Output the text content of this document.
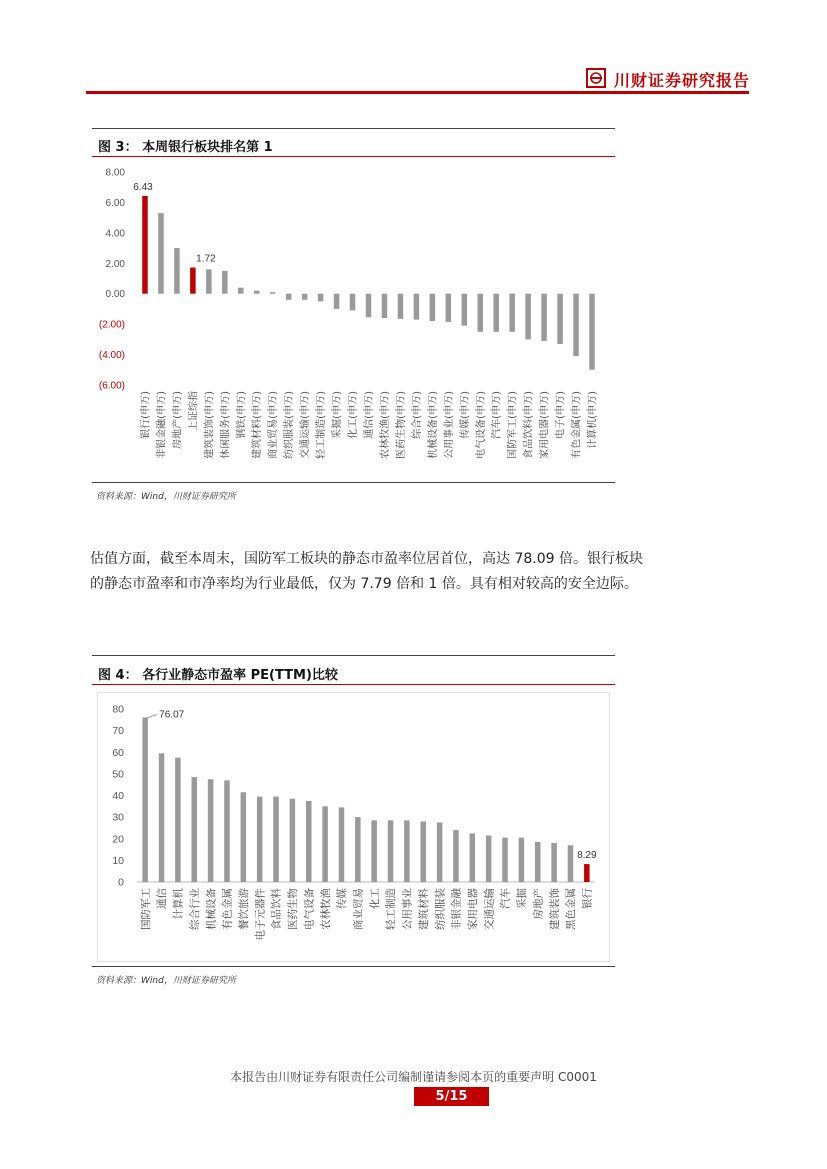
川财证券研究报告
图 3： 本周银行板块排名第 1
8.00
6.00
4.00
2.00
0.00
(2.00)
(4.00)
(6.00)
银行(申万) 非银金融(申万) 房地产(申万) 上证综指 建筑装饰(申万) 休闲服务(申万) 钢铁(申万) 建筑材料(申万) 商业贸易(申万) 纺织服装(申万) 交通运输(申万) 轻工制造(申万) 采掘(申万) 化工(申万) 通信(申万) 农林牧渔(申万) 医药生物(申万) 综合(申万) 机械设备(申万) 公用事业(申万) 传媒(申万) 电气设备(申万) 汽车(申万) 国防军工(申万) 食品饮料(申万) 家用电器(申万) 电子(申万) 有色金属(申万) 计算机(申万)
6.43
1.72
资料来源：Wind，川财证券研究所
估值方面，截至本周末，国防军工板块的静态市盈率位居首位，高达 78.09 倍。银行板块
的静态市盈率和市净率均为行业最低，仅为 7.79 倍和 1 倍。具有相对较高的安全边际。
图 4： 各行业静态市盈率 PE(TTM)比较
80
70
60
50
40
30
20
10
0
国防军工 通信 计算机 综合行业 机械设备 有色金属 餐饮旅游 电子元器件 食品饮料 医药生物 电气设备 农林牧渔 传媒 商业贸易 化工 轻工制造 公用事业 建筑材料 纺织服装 非银金融 家用电器 交通运输 汽车 采掘 房地产 建筑装饰 黑色金属 银行
76.07
8.29
资料来源：Wind，川财证券研究所
本报告由川财证券有限责任公司编制谨请参阅本页的重要声明 C0001
5/15
